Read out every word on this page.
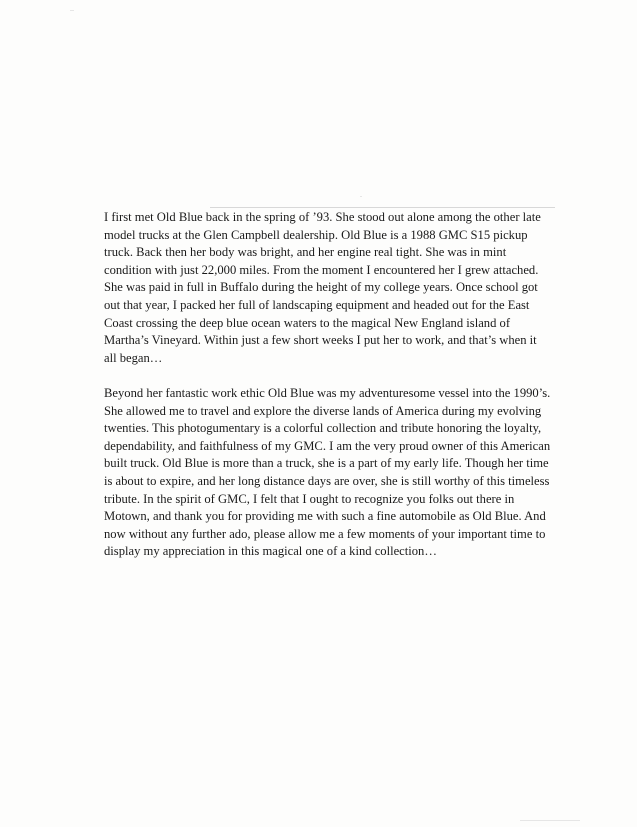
I first met Old Blue back in the spring of ’93. She stood out alone among the other late
model trucks at the Glen Campbell dealership. Old Blue is a 1988 GMC S15 pickup
truck. Back then her body was bright, and her engine real tight. She was in mint
condition with just 22,000 miles. From the moment I encountered her I grew attached.
She was paid in full in Buffalo during the height of my college years. Once school got
out that year, I packed her full of landscaping equipment and headed out for the East
Coast crossing the deep blue ocean waters to the magical New England island of
Martha’s Vineyard. Within just a few short weeks I put her to work, and that’s when it
all began…

Beyond her fantastic work ethic Old Blue was my adventuresome vessel into the 1990’s.
She allowed me to travel and explore the diverse lands of America during my evolving
twenties. This photogumentary is a colorful collection and tribute honoring the loyalty,
dependability, and faithfulness of my GMC. I am the very proud owner of this American
built truck. Old Blue is more than a truck, she is a part of my early life. Though her time
is about to expire, and her long distance days are over, she is still worthy of this timeless
tribute. In the spirit of GMC, I felt that I ought to recognize you folks out there in
Motown, and thank you for providing me with such a fine automobile as Old Blue. And
now without any further ado, please allow me a few moments of your important time to
display my appreciation in this magical one of a kind collection…
